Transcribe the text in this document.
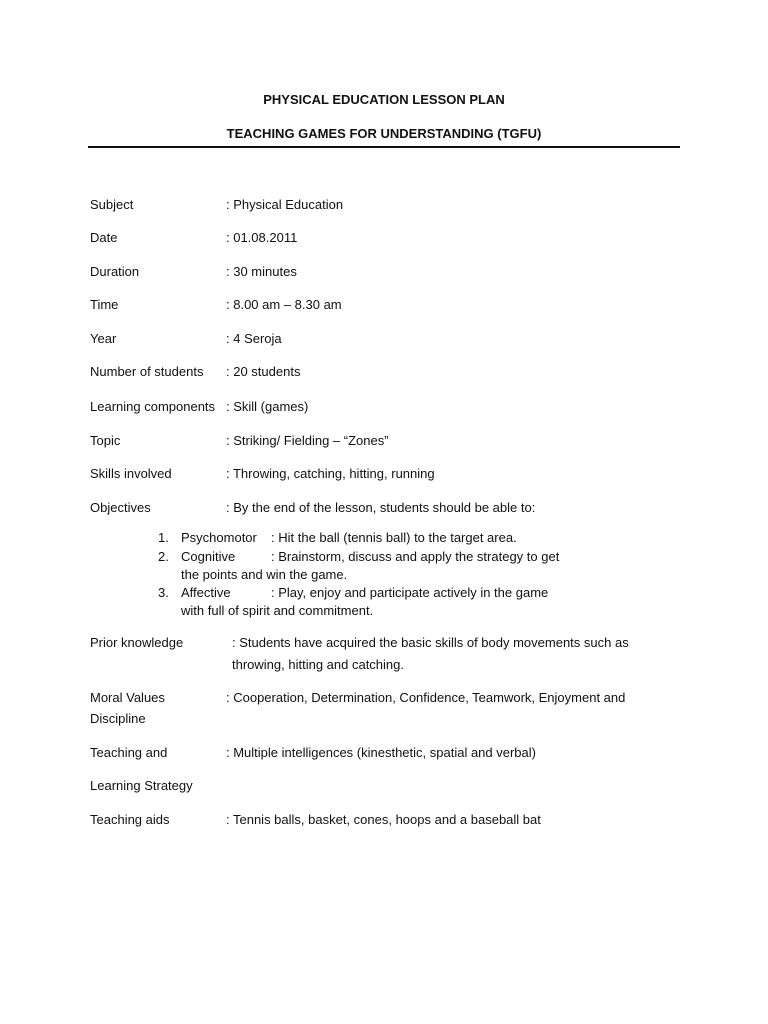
PHYSICAL EDUCATION LESSON PLAN
TEACHING GAMES FOR UNDERSTANDING (TGFU)
Subject	: Physical Education
Date	: 01.08.2011
Duration	: 30 minutes
Time	: 8.00 am – 8.30 am
Year	: 4 Seroja
Number of students	: 20 students
Learning components : Skill (games)
Topic	: Striking/ Fielding – “Zones”
Skills involved	: Throwing, catching, hitting, running
Objectives	: By the end of the lesson, students should be able to:
1. Psychomotor : Hit the ball (tennis ball) to the target area.
2. Cognitive	: Brainstorm, discuss and apply the strategy to get
the points and win the game.
3. Affective	: Play, enjoy and participate actively in the game
with full of spirit and commitment.
Prior knowledge	: Students have acquired the basic skills of body movements such as
throwing, hitting and catching.
Moral Values	: Cooperation, Determination, Confidence, Teamwork, Enjoyment and
Discipline
Teaching and	: Multiple intelligences (kinesthetic, spatial and verbal)
Learning Strategy
Teaching aids	: Tennis balls, basket, cones, hoops and a baseball bat
